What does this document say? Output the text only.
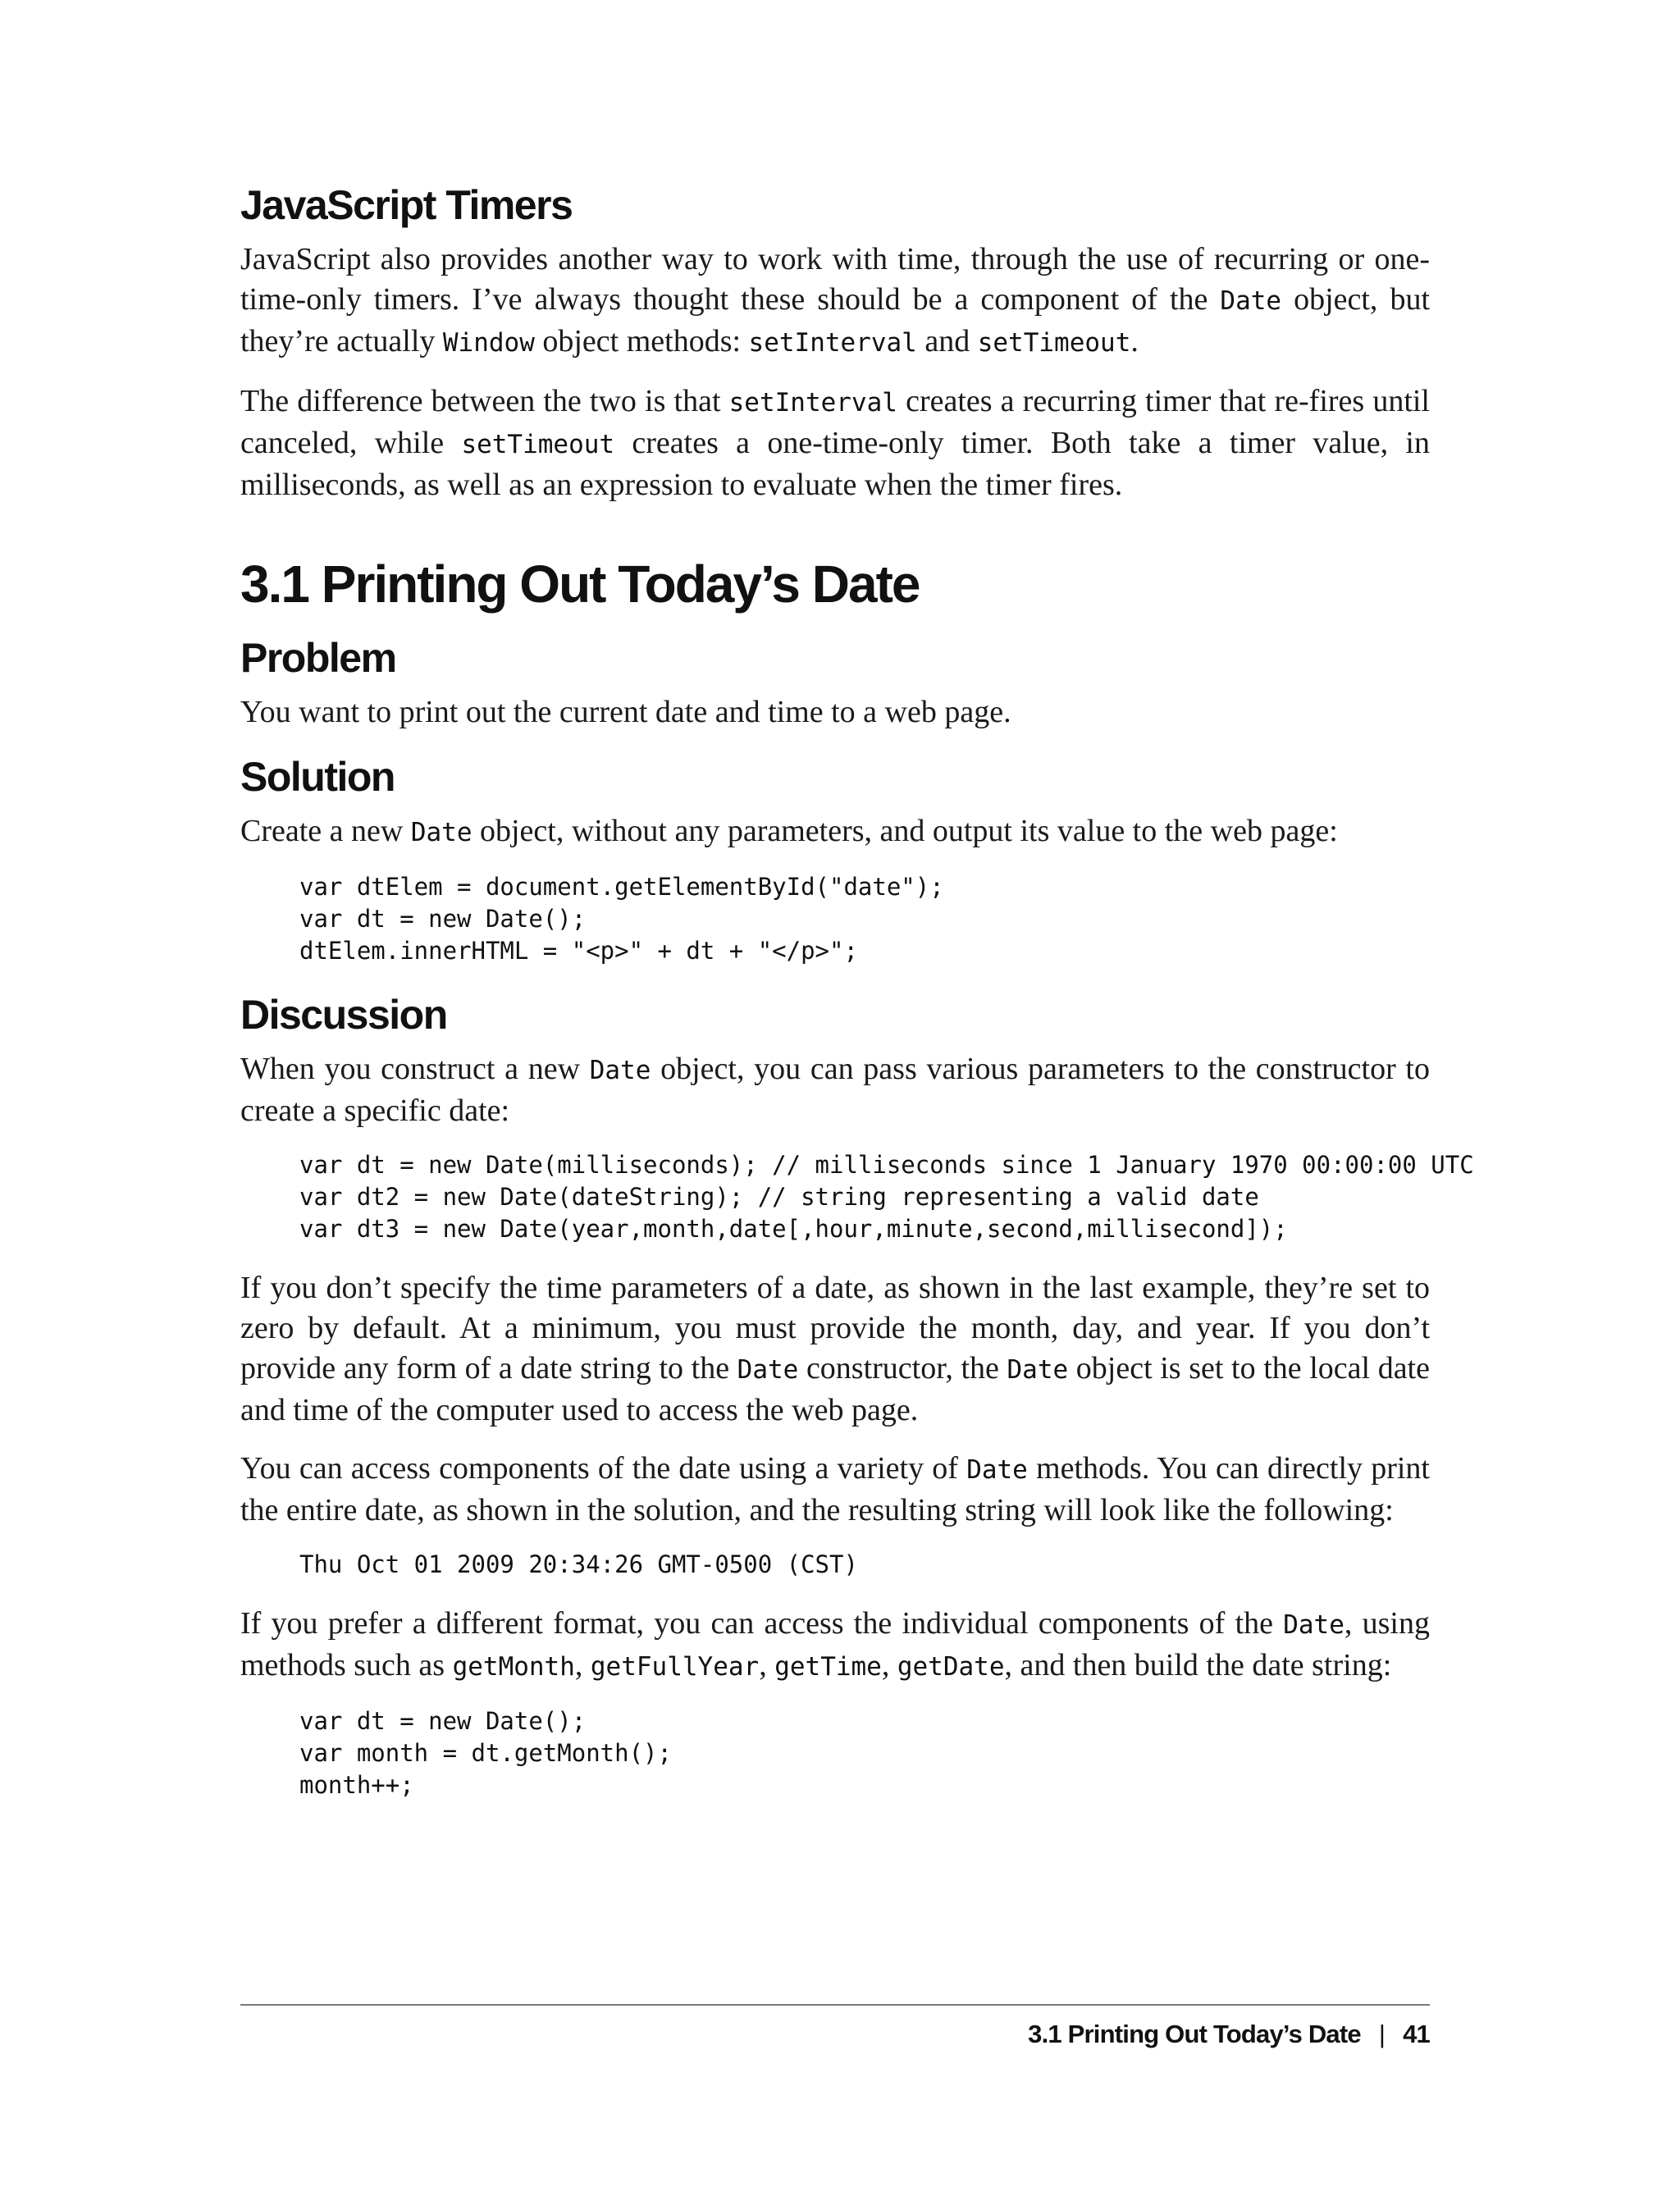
JavaScript Timers

JavaScript also provides another way to work with time, through the use of recurring or one-time-only timers. I’ve always thought these should be a component of the Date object, but they’re actually Window object methods: setInterval and setTimeout.

The difference between the two is that setInterval creates a recurring timer that re-fires until canceled, while setTimeout creates a one-time-only timer. Both take a timer value, in milliseconds, as well as an expression to evaluate when the timer fires.

3.1 Printing Out Today’s Date
Problem

You want to print out the current date and time to a web page.

Solution

Create a new Date object, without any parameters, and output its value to the web page:

var dtElem = document.getElementById("date");
var dt = new Date();
dtElem.innerHTML = "<p>" + dt + "</p>";
Discussion

When you construct a new Date object, you can pass various parameters to the constructor to create a specific date:

var dt = new Date(milliseconds); // milliseconds since 1 January 1970 00:00:00 UTC
var dt2 = new Date(dateString); // string representing a valid date
var dt3 = new Date(year,month,date[,hour,minute,second,millisecond]);

If you don’t specify the time parameters of a date, as shown in the last example, they’re set to zero by default. At a minimum, you must provide the month, day, and year. If you don’t provide any form of a date string to the Date constructor, the Date object is set to the local date and time of the computer used to access the web page.

You can access components of the date using a variety of Date methods. You can directly print the entire date, as shown in the solution, and the resulting string will look like the following:

Thu Oct 01 2009 20:34:26 GMT-0500 (CST)

If you prefer a different format, you can access the individual components of the Date, using methods such as getMonth, getFullYear, getTime, getDate, and then build the date string:

var dt = new Date();
var month = dt.getMonth();
month++;
3.1 Printing Out Today’s Date | 41
